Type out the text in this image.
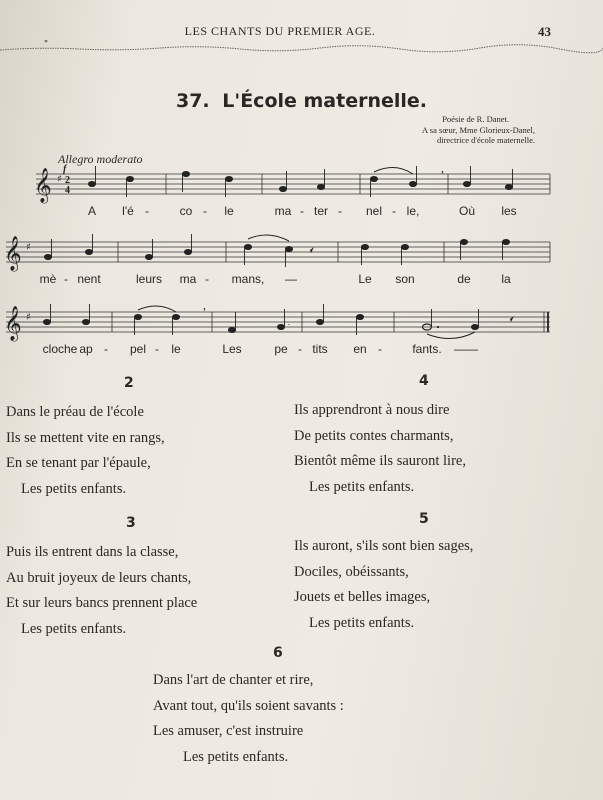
LES CHANTS DU PREMIER AGE.	43
37. L'École maternelle.
Poésie de R. Danet.
A sa sœur, Mme Glorieux-Danel,
directrice d'école maternelle.
Allegro moderato
𝄞 ♯ 2
4
f	,
A l'é -	co - le	ma - ter - nel - le,	Où les
𝄞 ♯
mè - nent	leurs ma - mans, —	Le son	de	la
𝄞 ♯
,
.
cloche ap - pel - le	Les	pe - tits en -	fants. ——
2
Dans le préau de l'école
Ils se mettent vite en rangs,
En se tenant par l'épaule,
Les petits enfants.
3
Puis ils entrent dans la classe,
Au bruit joyeux de leurs chants,
Et sur leurs bancs prennent place
Les petits enfants.
4
Ils apprendront à nous dire
De petits contes charmants,
Bientôt même ils sauront lire,
Les petits enfants.
5
Ils auront, s'ils sont bien sages,
Dociles, obéissants,
Jouets et belles images,
Les petits enfants.
6
Dans l'art de chanter et rire,
Avant tout, qu'ils soient savants :
Les amuser, c'est instruire
Les petits enfants.
